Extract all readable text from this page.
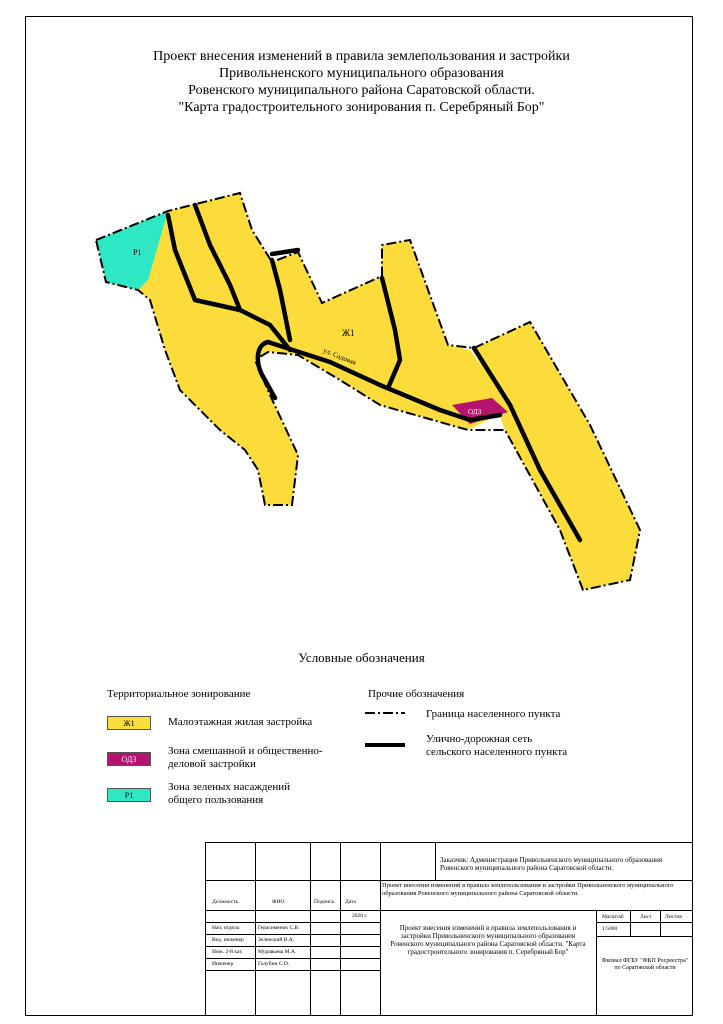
Проект внесения изменений в правила землепользования и застройки
Привольненского муниципального образования
Ровенского муниципального района Саратовской области.
"Карта градостроительного зонирования п. Серебряный Бор"
Ж1
ОДЗ
Р1
ул. Садовая
Условные обозначения
Территориальное зонирование	Прочие обозначения
Ж1	Малоэтажная жилая застройка
ОДЗ
Зона смешанной и общественно-деловой застройки
Р1
Зона зеленых насаждений общего пользования
Граница населенного пункта
Улично-дорожная сеть сельского населенного пункта
Заказчик: Администрация Привольненского муниципального образования Ровенского муниципального района Саратовской области.
Проект внесения изменений в правила землепользования и застройки Привольненского муниципального образования Ровенского муниципального района Саратовской области.
Должность	ФИО	Подпись Дата
2020 г.
Нач. отдела	Герасименок С.В.
Вед. инженер	Зеленский В.А.
Инж. 2-й кат.	Муравьева М.А.
Инженер	Голубин С.О.
Проект внесения изменений в правила землепользования и застройки Привольненского муниципального образования Ровенского муниципального района Саратовской области. "Карта градостроительного зонирования п. Серебряный Бор"
Масштаб	Лист Листов
1:5000
Филиал ФГБУ "ФКП Росреестра" по Саратовской области
